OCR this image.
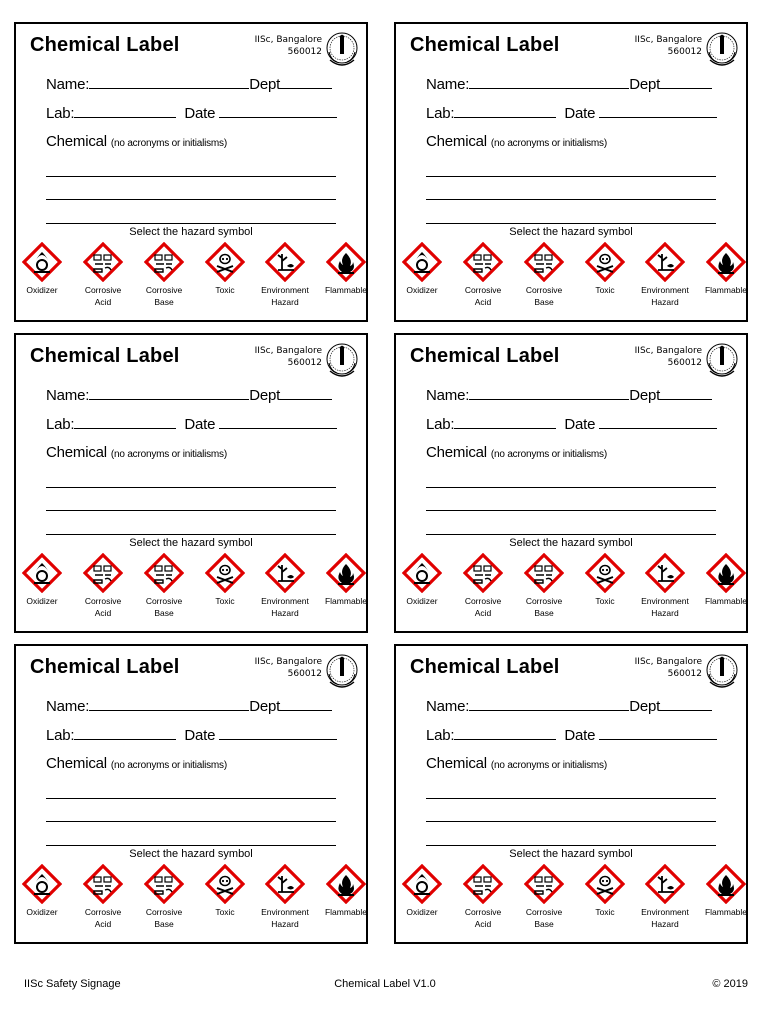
Chemical Label	IISc, Bangalore
560012
Name:	Dept
Lab:	Date
Chemical (no acronyms or initialisms)
Select the hazard symbol
Oxidizer	Corrosive
Acid
Corrosive
Base
Toxic	Environment
Hazard
Flammable

Chemical Label	IISc, Bangalore
560012
Name:	Dept
Lab:	Date
Chemical (no acronyms or initialisms)
Select the hazard symbol
Oxidizer	Corrosive
Acid
Corrosive
Base
Toxic	Environment
Hazard
Flammable

Chemical Label	IISc, Bangalore
560012
Name:	Dept
Lab:	Date
Chemical (no acronyms or initialisms)
Select the hazard symbol
Oxidizer	Corrosive
Acid
Corrosive
Base
Toxic	Environment
Hazard
Flammable

Chemical Label	IISc, Bangalore
560012
Name:	Dept
Lab:	Date
Chemical (no acronyms or initialisms)
Select the hazard symbol
Oxidizer	Corrosive
Acid
Corrosive
Base
Toxic	Environment
Hazard
Flammable

Chemical Label	IISc, Bangalore
560012
Name:	Dept
Lab:	Date
Chemical (no acronyms or initialisms)
Select the hazard symbol
Oxidizer	Corrosive
Acid
Corrosive
Base
Toxic	Environment
Hazard
Flammable

Chemical Label	IISc, Bangalore
560012
Name:	Dept
Lab:	Date
Chemical (no acronyms or initialisms)
Select the hazard symbol
Oxidizer	Corrosive
Acid
Corrosive
Base
Toxic	Environment
Hazard
Flammable

IISc Safety Signage	Chemical Label V1.0	© 2019
